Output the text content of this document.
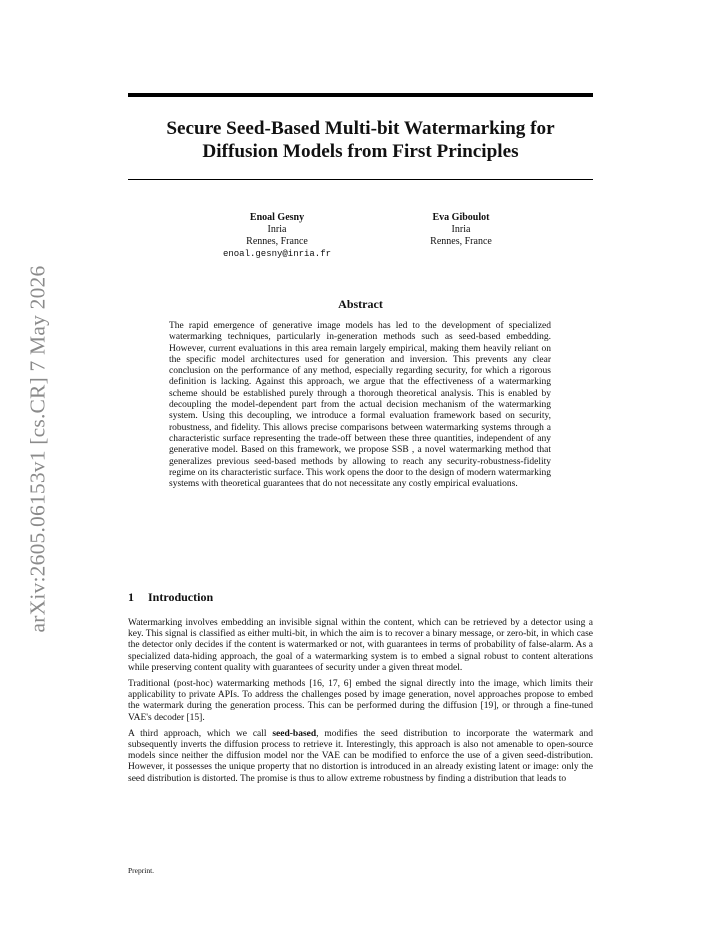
arXiv:2605.06153v1 [cs.CR] 7 May 2026
Secure Seed-Based Multi-bit Watermarking for Diffusion Models from First Principles
Enoal Gesny
Inria
Rennes, France
enoal.gesny@inria.fr
Eva Giboulot
Inria
Rennes, France
Abstract

The rapid emergence of generative image models has led to the development of specialized watermarking techniques, particularly in-generation methods such as seed-based embedding. However, current evaluations in this area remain largely empirical, making them heavily reliant on the specific model architectures used for generation and inversion. This prevents any clear conclusion on the performance of any method, especially regarding security, for which a rigorous definition is lacking. Against this approach, we argue that the effectiveness of a watermarking scheme should be established purely through a thorough theoretical analysis. This is enabled by decoupling the model-dependent part from the actual decision mechanism of the watermarking system. Using this decoupling, we introduce a formal evaluation framework based on security, robustness, and fidelity. This allows precise comparisons between watermarking systems through a characteristic surface representing the trade-off between these three quantities, independent of any generative model. Based on this framework, we propose SSB , a novel watermarking method that generalizes previous seed-based methods by allowing to reach any security-robustness-fidelity regime on its characteristic surface. This work opens the door to the design of modern watermarking systems with theoretical guarantees that do not necessitate any costly empirical evaluations.

1 Introduction

Watermarking involves embedding an invisible signal within the content, which can be retrieved by a detector using a key. This signal is classified as either multi-bit, in which the aim is to recover a binary message, or zero-bit, in which case the detector only decides if the content is watermarked or not, with guarantees in terms of probability of false-alarm. As a specialized data-hiding approach, the goal of a watermarking system is to embed a signal robust to content alterations while preserving content quality with guarantees of security under a given threat model.

Traditional (post-hoc) watermarking methods [16, 17, 6] embed the signal directly into the image, which limits their applicability to private APIs. To address the challenges posed by image generation, novel approaches propose to embed the watermark during the generation process. This can be performed during the diffusion [19], or through a fine-tuned VAE's decoder [15].

A third approach, which we call seed-based, modifies the seed distribution to incorporate the watermark and subsequently inverts the diffusion process to retrieve it. Interestingly, this approach is also not amenable to open-source models since neither the diffusion model nor the VAE can be modified to enforce the use of a given seed-distribution. However, it possesses the unique property that no distortion is introduced in an already existing latent or image: only the seed distribution is distorted. The promise is thus to allow extreme robustness by finding a distribution that leads to

Preprint.
